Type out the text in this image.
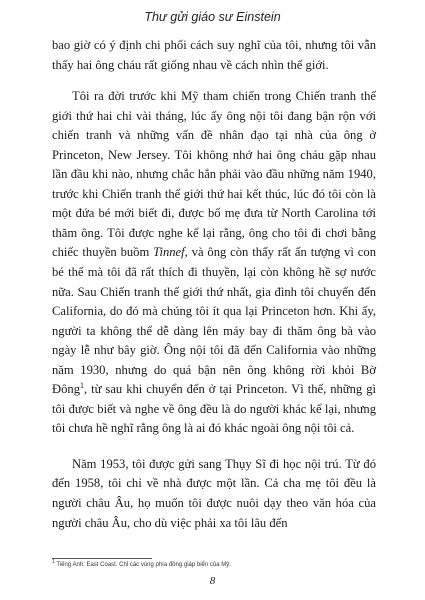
Thư gửi giáo sư Einstein

bao giờ có ý định chi phối cách suy nghĩ của tôi, nhưng tôi vẫn thấy hai ông cháu rất giống nhau về cách nhìn thế giới.

Tôi ra đời trước khi Mỹ tham chiến trong Chiến tranh thế giới thứ hai chỉ vài tháng, lúc ấy ông nội tôi đang bận rộn với chiến tranh và những vấn đề nhân đạo tại nhà của ông ở Princeton, New Jersey. Tôi không nhớ hai ông cháu gặp nhau lần đầu khi nào, nhưng chắc hẳn phải vào đầu những năm 1940, trước khi Chiến tranh thế giới thứ hai kết thúc, lúc đó tôi còn là một đứa bé mới biết đi, được bố mẹ đưa từ North Carolina tới thăm ông. Tôi được nghe kể lại rằng, ông cho tôi đi chơi bằng chiếc thuyền buồm Tinnef, và ông còn thấy rất ấn tượng vì con bé thế mà tôi đã rất thích đi thuyền, lại còn không hề sợ nước nữa. Sau Chiến tranh thế giới thứ nhất, gia đình tôi chuyển đến California, do đó mà chúng tôi ít qua lại Princeton hơn. Khi ấy, người ta không thể dễ dàng lên máy bay đi thăm ông bà vào ngày lễ như bây giờ. Ông nội tôi đã đến California vào những năm 1930, nhưng do quá bận nên ông không rời khỏi Bờ Đông$^1$, từ sau khi chuyển đến ở tại Princeton. Vì thế, những gì tôi được biết và nghe về ông đều là do người khác kể lại, nhưng tôi chưa hề nghĩ rằng ông là ai đó khác ngoài ông nội tôi cả.

Năm 1953, tôi được gửi sang Thụy Sĩ đi học nội trú. Từ đó đến 1958, tôi chỉ về nhà được một lần. Cả cha mẹ tôi đều là người châu Âu, họ muốn tôi được nuôi dạy theo văn hóa của người châu Âu, cho dù việc phải xa tôi lâu đến

$^1$ Tiếng Anh: East Coast. Chỉ các vùng phía đông giáp biển của Mỹ.
8
